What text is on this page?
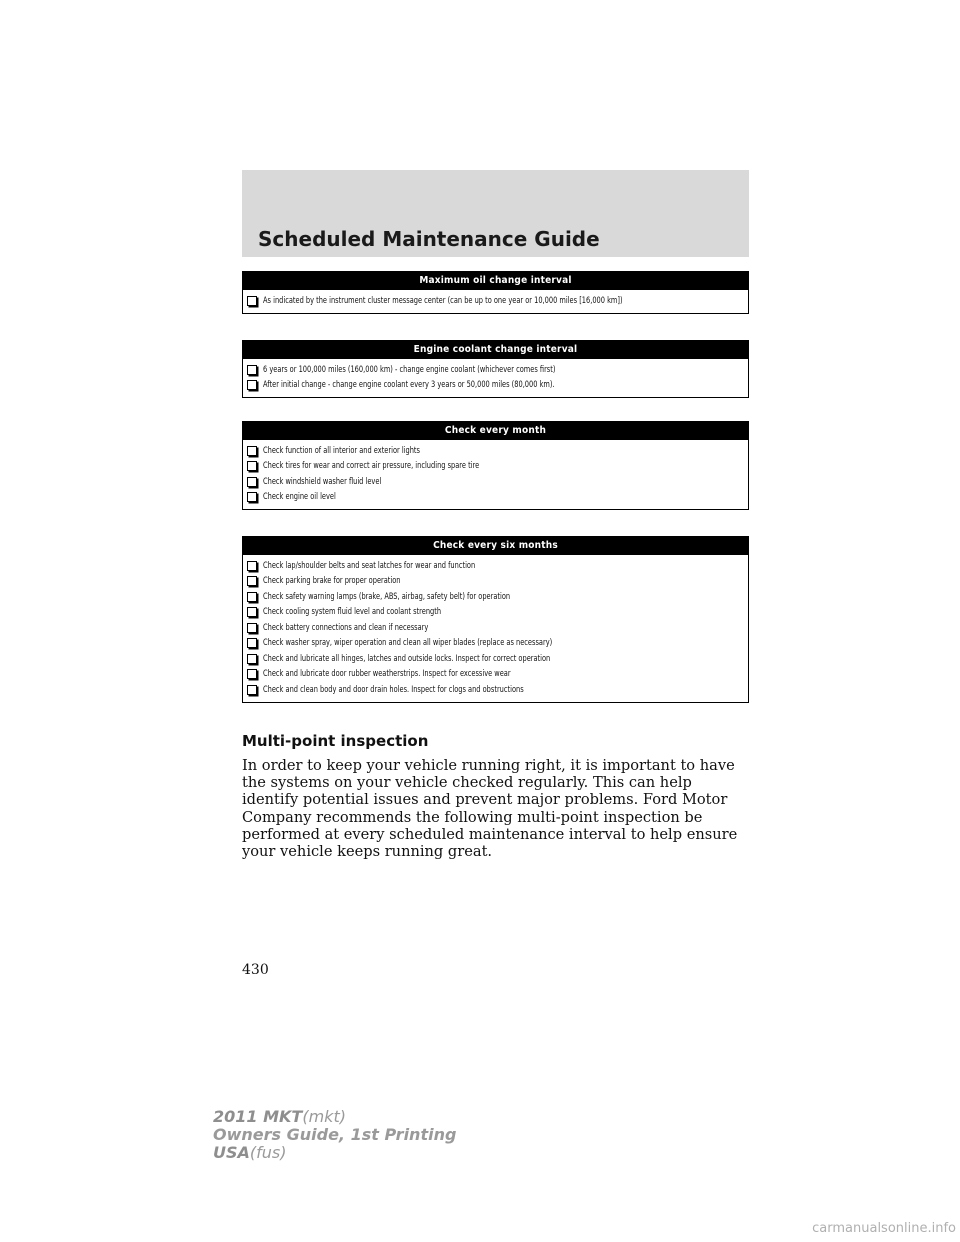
Scheduled Maintenance Guide
Maximum oil change interval
As indicated by the instrument cluster message center (can be up to one year or 10,000 miles [16,000 km])
Engine coolant change interval
6 years or 100,000 miles (160,000 km) - change engine coolant (whichever comes first)
After initial change - change engine coolant every 3 years or 50,000 miles (80,000 km).
Check every month
Check function of all interior and exterior lights
Check tires for wear and correct air pressure, including spare tire
Check windshield washer fluid level
Check engine oil level
Check every six months
Check lap/shoulder belts and seat latches for wear and function
Check parking brake for proper operation
Check safety warning lamps (brake, ABS, airbag, safety belt) for operation
Check cooling system fluid level and coolant strength
Check battery connections and clean if necessary
Check washer spray, wiper operation and clean all wiper blades (replace as necessary)
Check and lubricate all hinges, latches and outside locks. Inspect for correct operation
Check and lubricate door rubber weatherstrips. Inspect for excessive wear
Check and clean body and door drain holes. Inspect for clogs and obstructions
Multi-point inspection

In order to keep your vehicle running right, it is important to have the systems on your vehicle checked regularly. This can help identify potential issues and prevent major problems. Ford Motor Company recommends the following multi-point inspection be performed at every scheduled maintenance interval to help ensure your vehicle keeps running great.

430
2011 MKT(mkt)
Owners Guide, 1st Printing
USA(fus)
carmanualsonline.info
